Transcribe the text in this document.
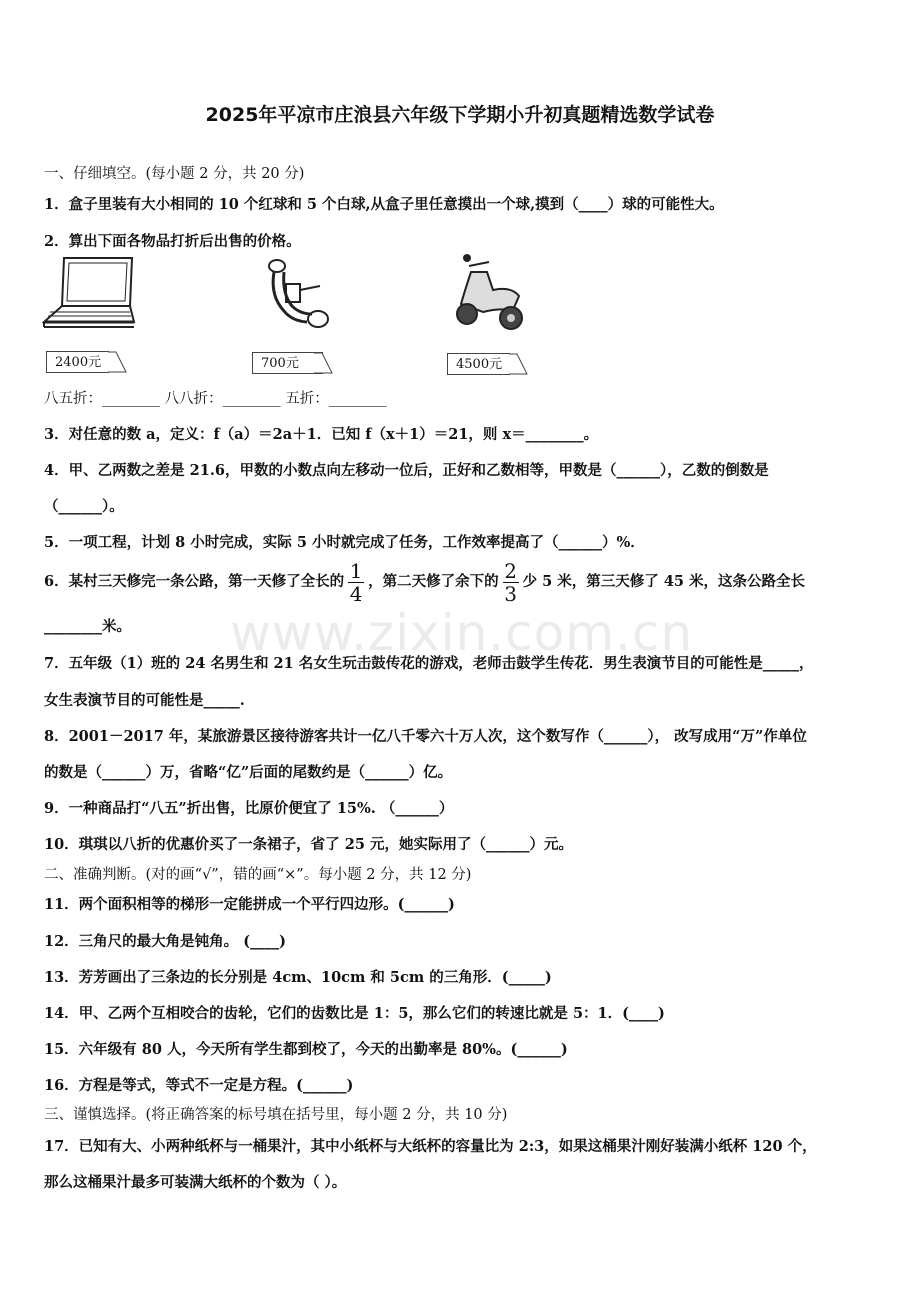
www.zixin.com.cn
2025年平凉市庄浪县六年级下学期小升初真题精选数学试卷
一、仔细填空。(每小题 2 分，共 20 分)
1．盒子里装有大小相同的 10 个红球和 5 个白球,从盒子里任意摸出一个球,摸到（____）球的可能性大。
2．算出下面各物品打折后出售的价格。
2400元	700元	4500元
八五折：________ 八八折：________ 五折：________
3．对任意的数 a，定义：f（a）＝2a＋1．已知 f（x＋1）＝21，则 x＝________。
4．甲、乙两数之差是 21.6，甲数的小数点向左移动一位后，正好和乙数相等，甲数是（______），乙数的倒数是
（______）。
5．一项工程，计划 8 小时完成，实际 5 小时就完成了任务，工作效率提高了（______）%．
6．某村三天修完一条公路，第一天修了全长的 $\frac{1}{4}$ ，第二天修了余下的 $\frac{2}{3}$ 少 5 米，第三天修了 45 米，这条公路全长
________米。
7．五年级（1）班的 24 名男生和 21 名女生玩击鼓传花的游戏，老师击鼓学生传花．男生表演节目的可能性是_____，
女生表演节目的可能性是_____.
8．2001－2017 年，某旅游景区接待游客共计一亿八千零六十万人次，这个数写作（______）， 改写成用“万”作单位
的数是（______）万，省略“亿”后面的尾数约是（______）亿。
9．一种商品打“八五”折出售，比原价便宜了 15%. （______）
10．琪琪以八折的优惠价买了一条裙子，省了 25 元，她实际用了（______）元。
二、准确判断。(对的画“√”，错的画“×”。每小题 2 分，共 12 分)
11．两个面积相等的梯形一定能拼成一个平行四边形。(______)
12．三角尺的最大角是钝角。 (____)
13．芳芳画出了三条边的长分别是 4cm、10cm 和 5cm 的三角形．(_____)
14．甲、乙两个互相咬合的齿轮，它们的齿数比是 1：5，那么它们的转速比就是 5：1．(____)
15．六年级有 80 人，今天所有学生都到校了，今天的出勤率是 80%。(______)
16．方程是等式，等式不一定是方程。(______)
三、谨慎选择。(将正确答案的标号填在括号里，每小题 2 分，共 10 分)
17．已知有大、小两种纸杯与一桶果汁，其中小纸杯与大纸杯的容量比为 2:3，如果这桶果汁刚好装满小纸杯 120 个，
那么这桶果汁最多可装满大纸杯的个数为（ ）。
